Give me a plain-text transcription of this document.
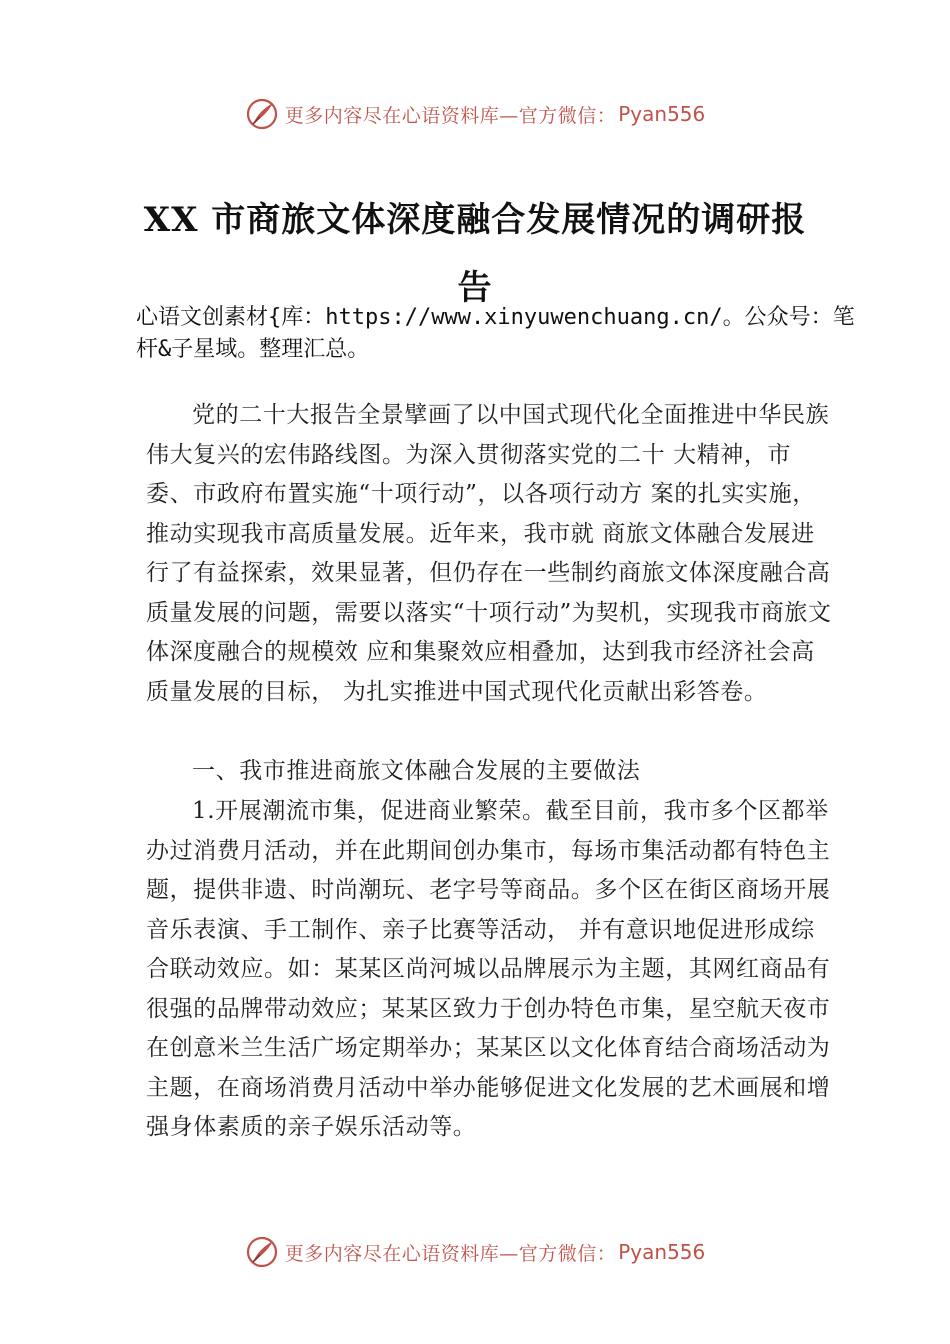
更多内容尽在心语资料库—官方微信： Pyan556
XX 市商旅文体深度融合发展情况的调研报告
心语文创素材{库：https://www.xinyuwenchuang.cn/。公众号：笔杆&子星域。整理汇总。
党的二十大报告全景擘画了以中国式现代化全面推进中华民族伟大复兴的宏伟路线图。为深入贯彻落实党的二十 大精神，市委、市政府布置实施“十项行动”，以各项行动方 案的扎实实施，推动实现我市高质量发展。近年来，我市就 商旅文体融合发展进行了有益探索，效果显著，但仍存在一些制约商旅文体深度融合高质量发展的问题，需要以落实“十项行动”为契机，实现我市商旅文体深度融合的规模效 应和集聚效应相叠加，达到我市经济社会高质量发展的目标， 为扎实推进中国式现代化贡献出彩答卷。
一、我市推进商旅文体融合发展的主要做法
1.开展潮流市集，促进商业繁荣。截至目前，我市多个区都举办过消费月活动，并在此期间创办集市，每场市集活动都有特色主题，提供非遗、时尚潮玩、老字号等商品。多个区在街区商场开展音乐表演、手工制作、亲子比赛等活动， 并有意识地促进形成综合联动效应。如：某某区尚河城以品牌展示为主题，其网红商品有很强的品牌带动效应；某某区致力于创办特色市集，星空航天夜市在创意米兰生活广场定期举办；某某区以文化体育结合商场活动为主题，在商场消费月活动中举办能够促进文化发展的艺术画展和增强身体素质的亲子娱乐活动等。
更多内容尽在心语资料库—官方微信： Pyan556
